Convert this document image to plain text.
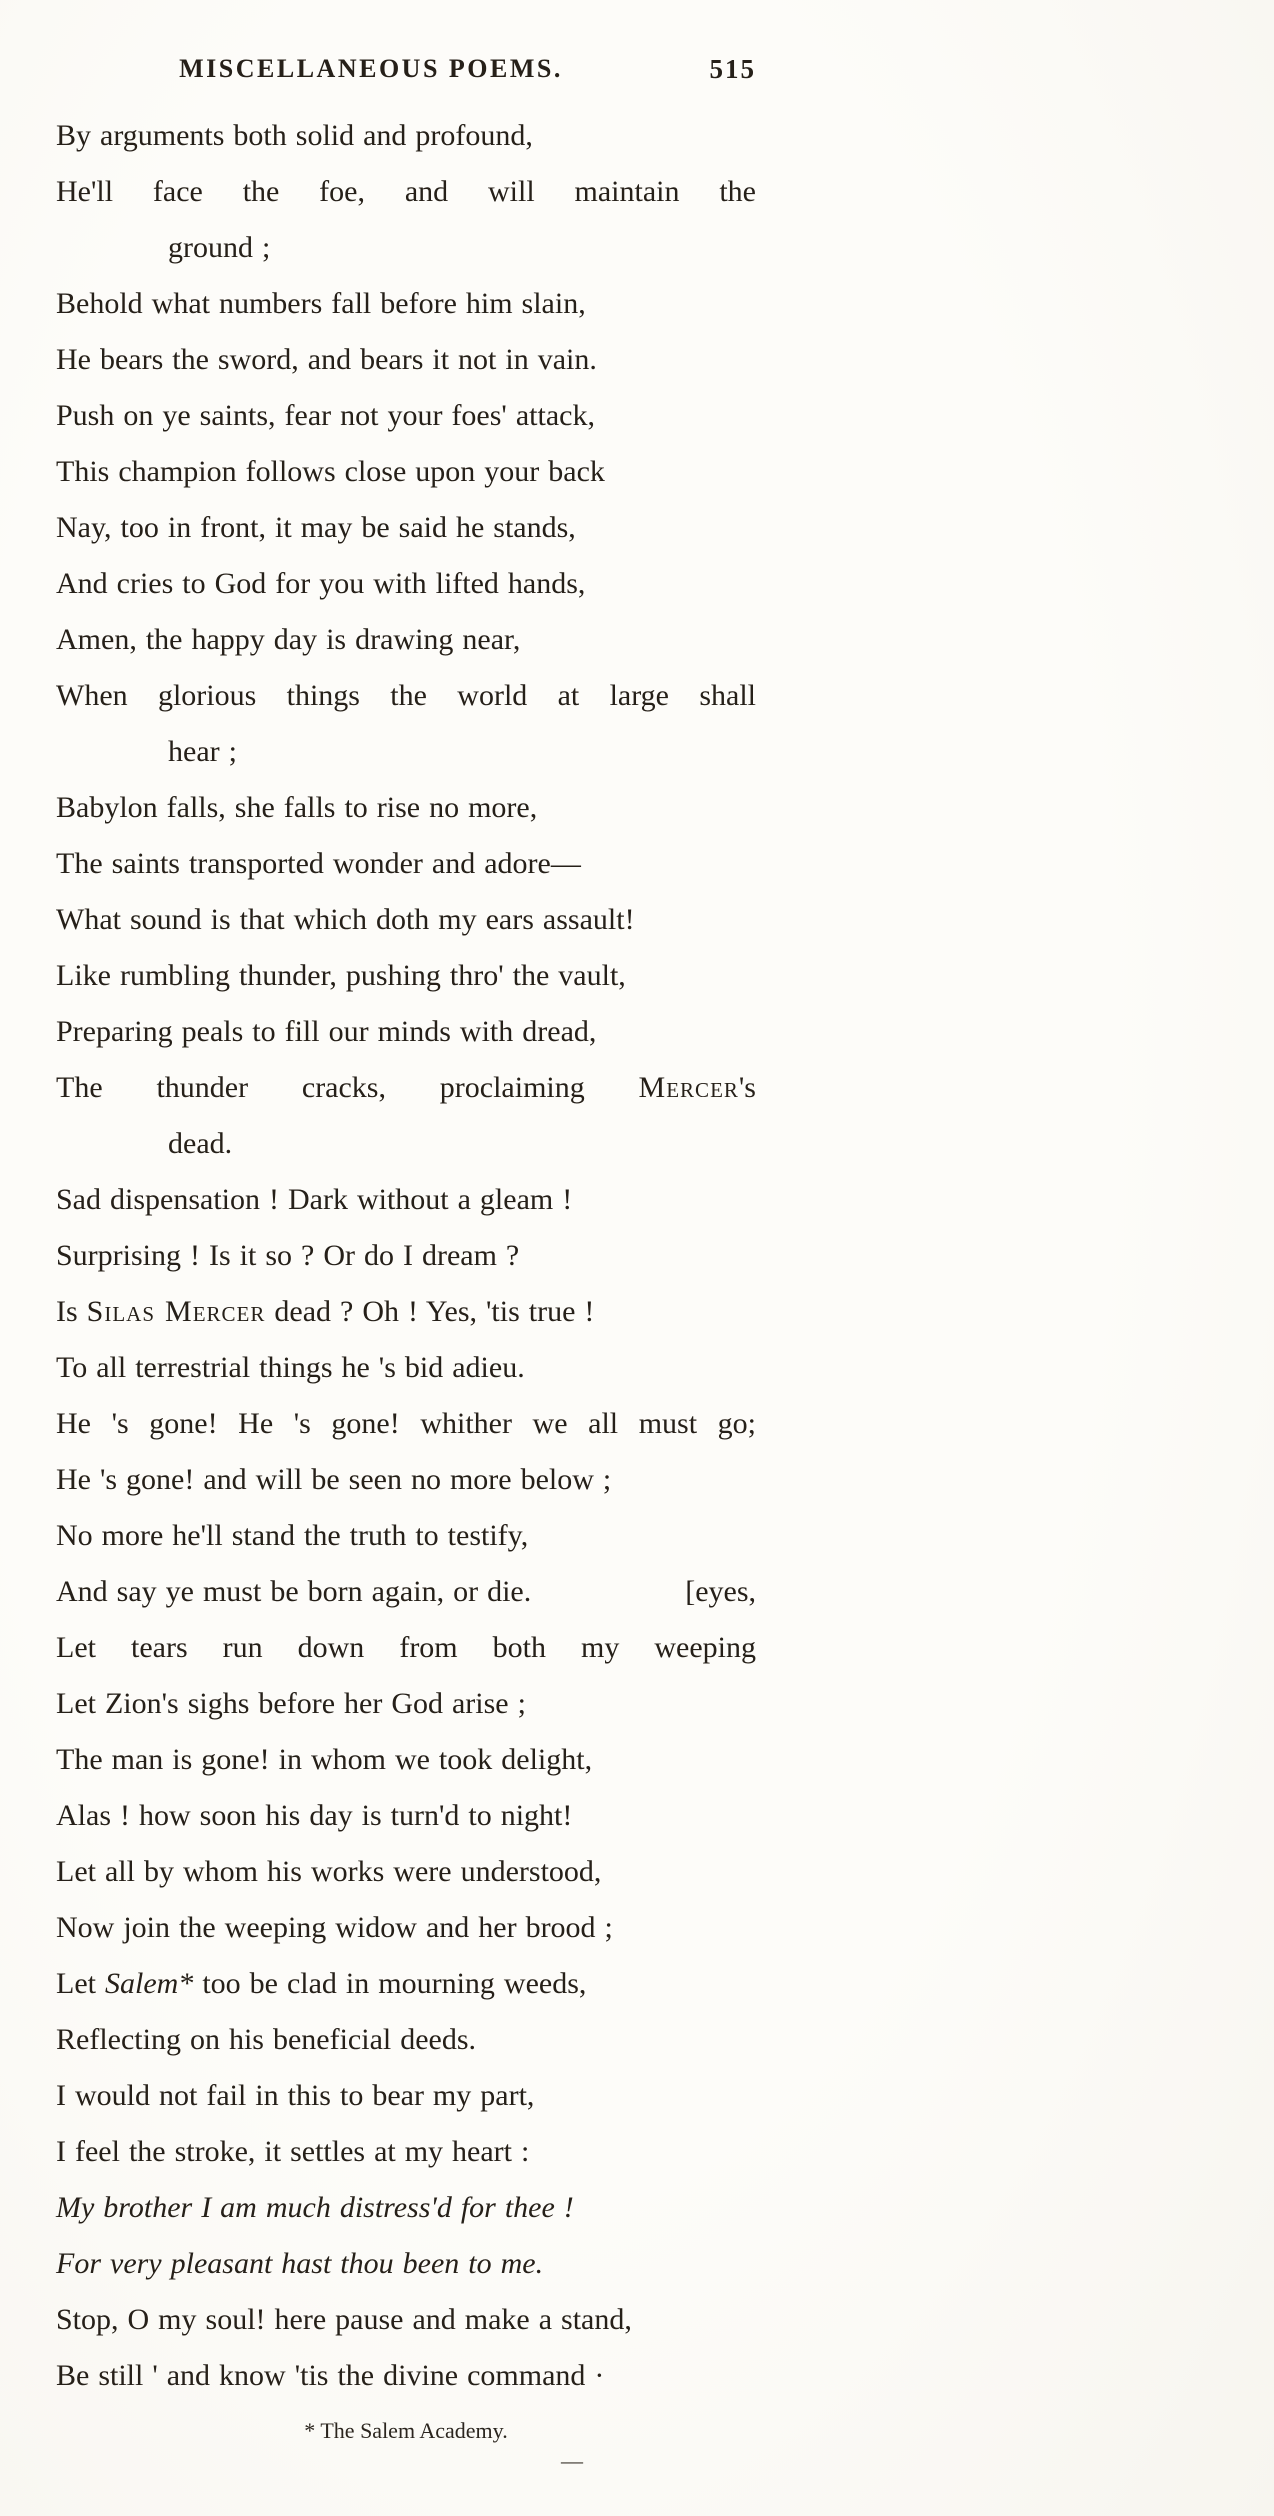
MISCELLANEOUS POEMS.	515
By arguments both solid and profound,
He'll face the foe, and will maintain the
ground ;
Behold what numbers fall before him slain,
He bears the sword, and bears it not in vain.
Push on ye saints, fear not your foes' attack,
This champion follows close upon your back
Nay, too in front, it may be said he stands,
And cries to God for you with lifted hands,
Amen, the happy day is drawing near,
When glorious things the world at large shall
hear ;
Babylon falls, she falls to rise no more,
The saints transported wonder and adore—
What sound is that which doth my ears assault!
Like rumbling thunder, pushing thro' the vault,
Preparing peals to fill our minds with dread,
The thunder cracks, proclaiming Mercer's
dead.
Sad dispensation ! Dark without a gleam !
Surprising ! Is it so ? Or do I dream ?
Is Silas Mercer dead ? Oh ! Yes, 'tis true !
To all terrestrial things he 's bid adieu.
He 's gone! He 's gone! whither we all must go;
He 's gone! and will be seen no more below ;
No more he'll stand the truth to testify,
And say ye must be born again, or die.	[eyes,
Let tears run down from both my weeping
Let Zion's sighs before her God arise ;
The man is gone! in whom we took delight,
Alas ! how soon his day is turn'd to night!
Let all by whom his works were understood,
Now join the weeping widow and her brood ;
Let Salem* too be clad in mourning weeds,
Reflecting on his beneficial deeds.
I would not fail in this to bear my part,
I feel the stroke, it settles at my heart :
My brother I am much distress'd for thee !
For very pleasant hast thou been to me.
Stop, O my soul! here pause and make a stand,
Be still ' and know 'tis the divine command ·
* The Salem Academy.
—
